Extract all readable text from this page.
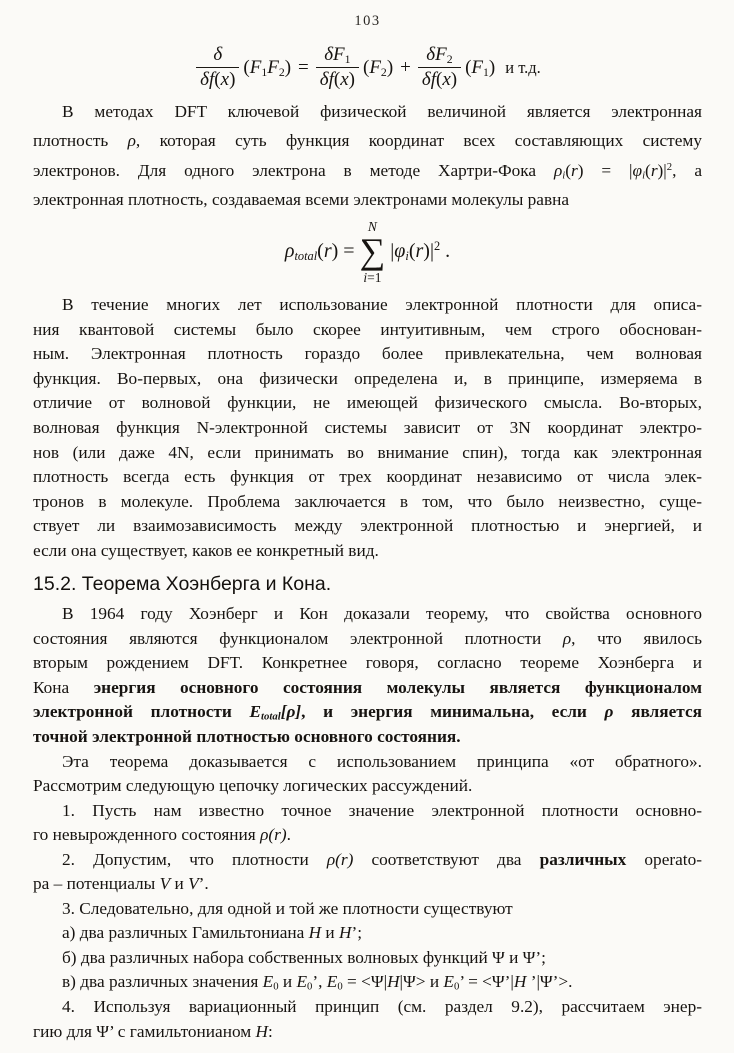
103
$\frac{\delta}{\delta f(x)} (F_1F_2) = \frac{\delta F_1}{\delta f(x)} (F_2) + \frac{\delta F_2}{\delta f(x)} (F_1)$ и т.д.
В методах DFT ключевой физической величиной является электронная
плотность ρ, которая суть функция координат всех составляющих систему
электронов. Для одного электрона в методе Хартри-Фока $\rho_i(r) = |\varphi_i(r)|^2$, а
электронная плотность, создаваемая всеми электронами молекулы равна
$\rho_{total}(r)$ =
N
∑
i=1
$|\varphi_i(r)|^2$ .
В течение многих лет использование электронной плотности для описа-
ния квантовой системы было скорее интуитивным, чем строго обоснован-
ным. Электронная плотность гораздо более привлекательна, чем волновая
функция. Во-первых, она физически определена и, в принципе, измеряема в
отличие от волновой функции, не имеющей физического смысла. Во-вторых,
волновая функция N-электронной системы зависит от 3N координат электро-
нов (или даже 4N, если принимать во внимание спин), тогда как электронная
плотность всегда есть функция от трех координат независимо от числа элек-
тронов в молекуле. Проблема заключается в том, что было неизвестно, суще-
ствует ли взаимозависимость между электронной плотностью и энергией, и
если она существует, каков ее конкретный вид.
15.2. Теорема Хоэнберга и Кона.
В 1964 году Хоэнберг и Кон доказали теорему, что свойства основного
состояния являются функционалом электронной плотности ρ, что явилось
вторым рождением DFT. Конкретнее говоря, согласно теореме Хоэнберга и
Кона энергия основного состояния молекулы является функционалом
электронной плотности $E_{total}[\rho]$, и энергия минимальна, если ρ является
точной электронной плотностью основного состояния.
Эта теорема доказывается с использованием принципа «от обратного».
Рассмотрим следующую цепочку логических рассуждений.
1. Пусть нам известно точное значение электронной плотности основно-
го невырожденного состояния ρ(r).
2. Допустим, что плотности ρ(r) соответствуют два различных operato-
ра – потенциалы V и V’.
3. Следовательно, для одной и той же плотности существуют
а) два различных Гамильтониана H и H’;
б) два различных набора собственных волновых функций Ψ и Ψ’;
в) два различных значения $E_0$ и $E_0$’, $E_0 = <\Psi|H|\Psi> и$ $E_0$’ = <Ψ’|H ’|Ψ’>.
4. Используя вариационный принцип (см. раздел 9.2), рассчитаем энер-
гию для Ψ’ с гамильтонианом H:
